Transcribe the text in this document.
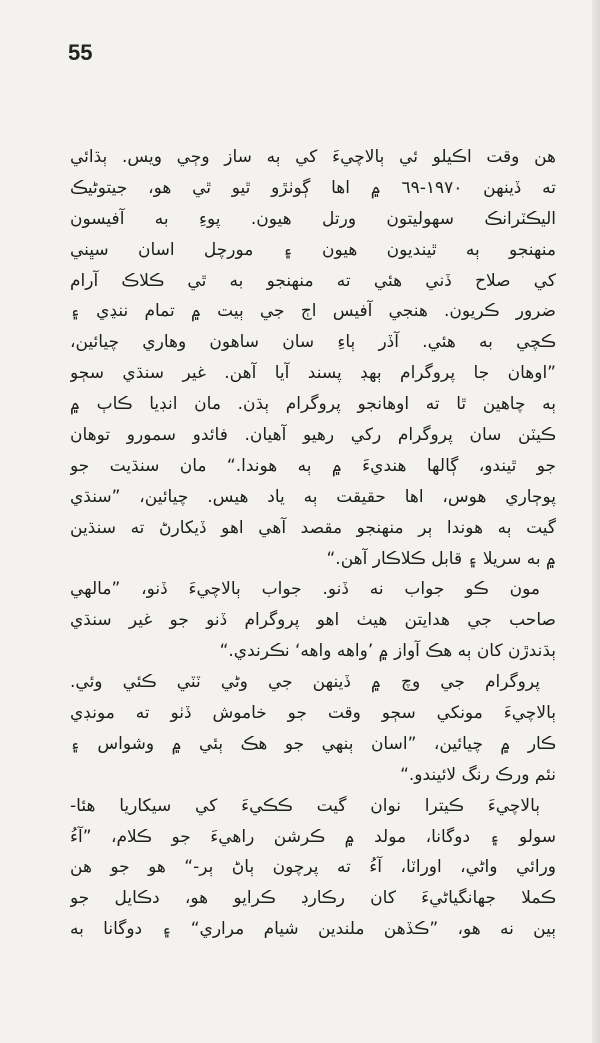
55
هن وقت اڪيلو ئي ٻالاچيءَ کي ٻه ساز وڄي ويس. ٻڌائي
ته ڏينهن ١٩٧٠-٦٩ ۾ اها ڳوٺڙو ٿيو ٿي هو، جيتوڻيڪ
اليڪٽرانڪ سهوليتون ورتل هيون. پوءِ به آفيسون
منهنجو ٻه ٿينديون هيون ۽ مورچل اسان سڀني
کي صلاح ڏني هئي ته منهنجو به ٿي ڪلاڪ آرام
ضرور ڪريون. هنجي آفيس اڄ جي ٻيت ۾ تمام ننڍي ۽
ڪچي به هئي. آڏر ٻاءِ سان ساهون وهاري چيائين،
”اوهان جا پروگرام ٻهڊ پسند آيا آهن. غير سنڌي سڄو
ٻه چاهين ٿا ته اوهانجو پروگرام ٻڌن. مان انڊيا ڪاٻ ۾
ڪيٽن سان پروگرام رکي رهيو آهيان. فائدو سمورو توهان
جو ٿيندو، ڳالها هنديءَ ۾ ٻه هوندا.“ مان سنڌيت جو
پوڄاري هوس، اها حقيقت ٻه ياد هيس. چيائين، ”سنڌي
گيت ٻه هوندا ٻر منهنجو مقصد آهي اهو ڏيکارڻ ته سنڌين
۾ به سريلا ۽ قابل ڪلاڪار آهن.“
مون ڪو جواب نه ڏنو. جواب ٻالاچيءَ ڏنو، ”مالهي
صاحب جي هدايتن هيٺ اهو پروگرام ڏنو جو غير سنڌي
ٻڌندڙن کان ٻه هڪ آواز ۾ ’واهه واهه‘ نڪرندي.“
پروگرام جي وچ ۾ ڏينهن جي وڻي ٽٽي ڪئي وئي.
ٻالاچيءَ مونکي سڄو وقت جو خاموش ڏٺو ته مونڊي
ڪار ۾ چيائين، ”اسان ٻنهي جو هڪ ٻئي ۾ وشواس ۽
نئم ورڪ رنگ لائيندو.“
ٻالاچيءَ ڪيترا نوان گيت ڪڪيءَ کي سيکاريا هئا-
سولو ۽ دوگانا، مولد ۾ ڪرشن راهيءَ جو ڪلام، ”آءُ
ورائي واڻي، اوراٽا، آءُ ته پرچون ٻاڻ ٻر-“ هو جو هن
ڪملا جهانگياڻيءَ کان رڪارڊ ڪرايو هو، دڪايل جو
ٻين نه هو، ”ڪڏهن ملندين شيام مراري“ ۽ دوگانا به
